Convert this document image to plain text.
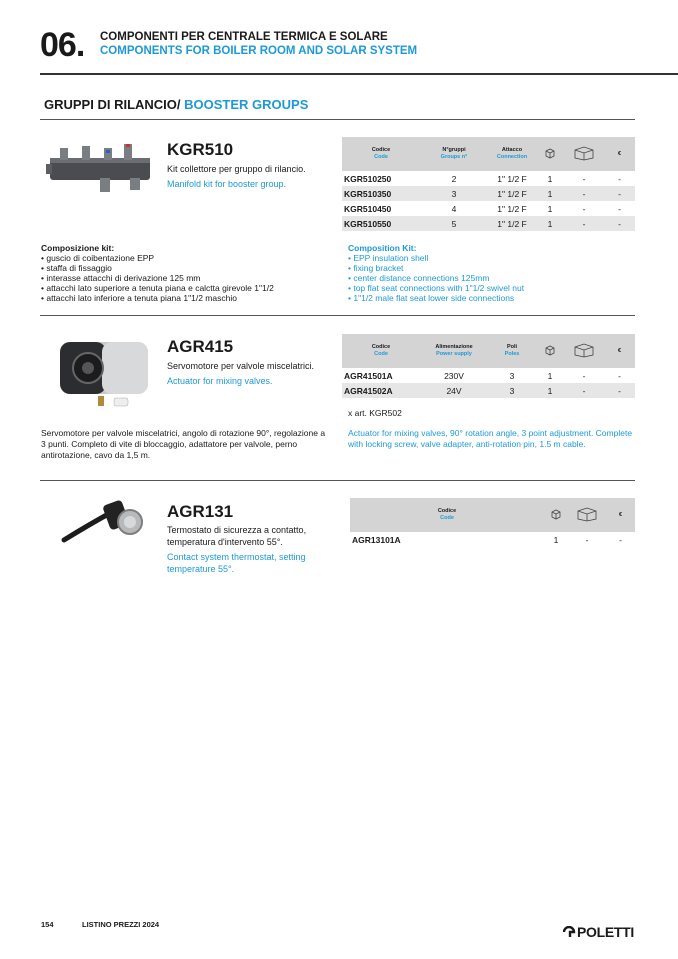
06. COMPONENTI PER CENTRALE TERMICA E SOLARE
COMPONENTS FOR BOILER ROOM AND SOLAR SYSTEM
GRUPPI DI RILANCIO/ BOOSTER GROUPS
KGR510
Kit collettore per gruppo di rilancio.
Manifold kit for booster group.
Codice
Code	N°gruppi
Groups n°	Attacco
Connection			€
KGR510250	2	1" 1/2 F	1	-	-
KGR510350	3	1" 1/2 F	1	-	-
KGR510450	4	1" 1/2 F	1	-	-
KGR510550	5	1" 1/2 F	1	-	-
Composizione kit:
• guscio di coibentazione EPP
• staffa di fissaggio
• interasse attacchi di derivazione 125 mm
• attacchi lato superiore a tenuta piana e calctta girevole 1"1/2
• attacchi lato inferiore a tenuta piana 1"1/2 maschio
Composition Kit:
• EPP insulation shell
• fixing bracket
• center distance connections 125mm
• top flat seat connections with 1"1/2 swivel nut
• 1"1/2 male flat seat lower side connections
AGR415
Servomotore per valvole miscelatrici.
Actuator for mixing valves.
Codice
Code	Alimentazione
Power supply	Poli
Poles			€
AGR41501A	230V	3	1	-	-
AGR41502A	24V	3	1	-	-
x art. KGR502
Servomotore per valvole miscelatrici, angolo di rotazione 90°, regolazione a 3 punti. Completo di vite di bloccaggio, adattatore per valvole, perno antirotazione, cavo da 1,5 m.
Actuator for mixing valves, 90° rotation angle, 3 point adjustment. Complete with locking screw, valve adapter, anti-rotation pin, 1.5 m cable.
AGR131
Termostato di sicurezza a contatto, temperatura d'intervento 55°.
Contact system thermostat, setting temperature 55°.
Codice
Code			€
AGR13101A	1	-	-
154	LISTINO PREZZI 2024	POLETTI
